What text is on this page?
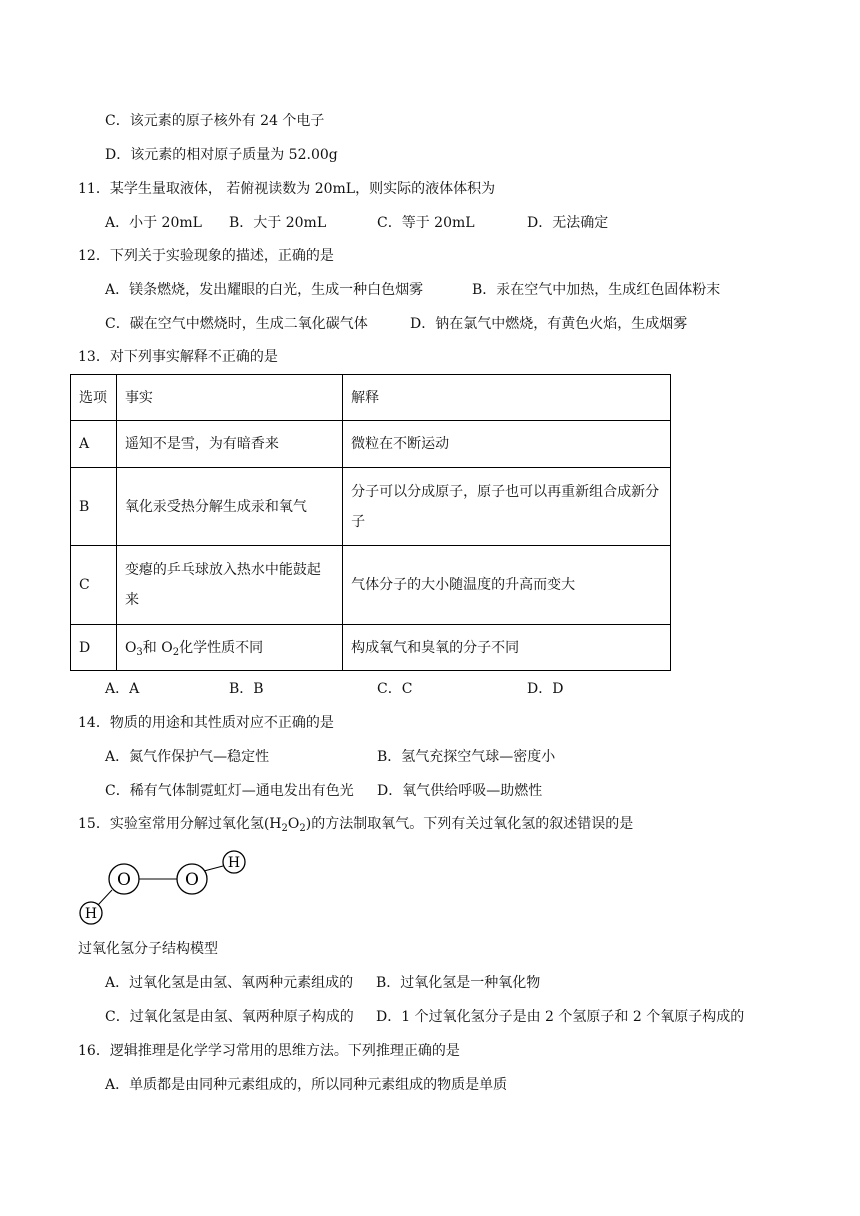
C．该元素的原子核外有 24 个电子
D．该元素的相对原子质量为 52.00g
11．某学生量取液体， 若俯视读数为 20mL，则实际的液体体积为
A．小于 20mL B．大于 20mL	C．等于 20mL	D．无法确定
12．下列关于实验现象的描述，正确的是
A．镁条燃烧，发出耀眼的白光，生成一种白色烟雾	B．汞在空气中加热，生成红色固体粉末
C．碳在空气中燃烧时，生成二氧化碳气体	D．钠在氯气中燃烧，有黄色火焰，生成烟雾
13．对下列事实解释不正确的是
选项	事实	解释
A	遥知不是雪，为有暗香来	微粒在不断运动
B	氧化汞受热分解生成汞和氧气	分子可以分成原子，原子也可以再重新组合成新分子
C	变瘪的乒乓球放入热水中能鼓起来	气体分子的大小随温度的升高而变大
D	$O_3$和 $O_2$化学性质不同	构成氧气和臭氧的分子不同
A．A	B．B	C．C	D．D
14．物质的用途和其性质对应不正确的是
A．氮气作保护气—稳定性	B．氢气充探空气球—密度小
C．稀有气体制霓虹灯—通电发出有色光 D．氧气供给呼吸—助燃性
15．实验室常用分解过氧化氢$(H_2O_2)$的方法制取氧气。下列有关过氧化氢的叙述错误的是
O	O
H
H
过氧化氢分子结构模型
A．过氧化氢是由氢、氧两种元素组成的 B．过氧化氢是一种氧化物
C．过氧化氢是由氢、氧两种原子构成的 D．1 个过氧化氢分子是由 2 个氢原子和 2 个氧原子构成的
16．逻辑推理是化学学习常用的思维方法。下列推理正确的是
A．单质都是由同种元素组成的，所以同种元素组成的物质是单质
